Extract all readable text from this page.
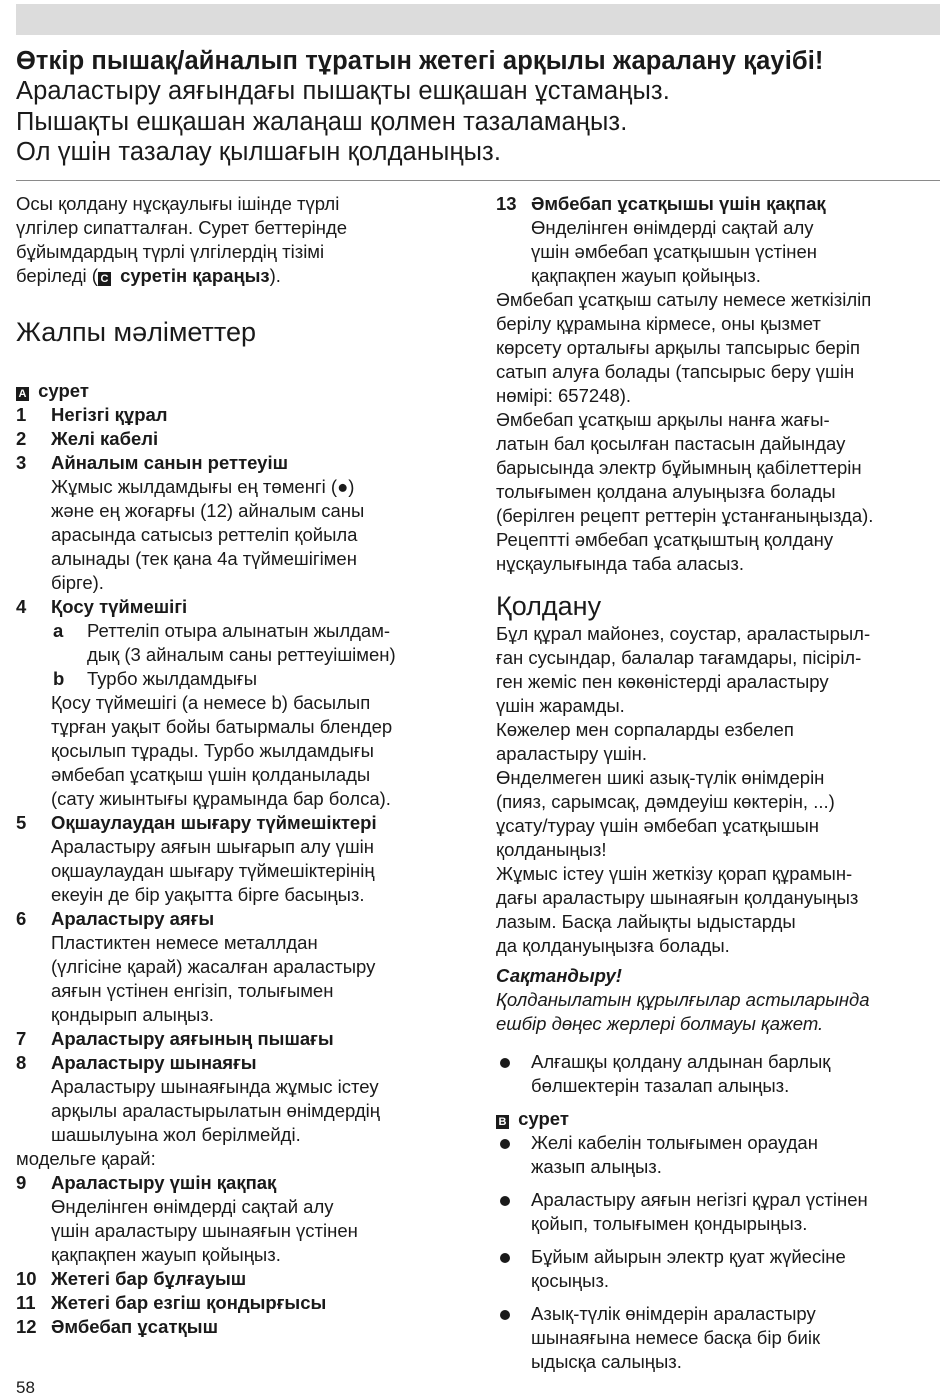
Өткір пышақ/айналып тұратын жетегі арқылы жаралану қауібі!
Араластыру аяғындағы пышақты ешқашан ұстамаңыз.
Пышақты ешқашан жалаңаш қолмен тазаламаңыз.
Ол үшін тазалау қылшағын қолданыңыз.

Осы қолдану нұсқаулығы ішінде түрлі

үлгілер сипатталған. Сурет беттерінде

бұйымдардың түрлі үлгілердің тізімі

беріледі ( C суретін қараңыз).

Жалпы мәліметтер

A сурет

1 Негізгі құрал

2 Желі кабелі

3 Айналым санын реттеуіш

Жұмыс жылдамдығы ең төменгі (●)

және ең жоғарғы (12) айналым саны

арасында сатысыз реттеліп қойыла

алынады (тек қана 4a түймешігімен

бірге).

4 Қосу түймешігі

a Реттеліп отыра алынатын жылдам-

дық (3 айналым саны реттеуішімен)

b Турбо жылдамдығы

Қосу түймешігі (a немесе b) басылып

тұрған уақыт бойы батырмалы блендер

қосылып тұрады. Турбо жылдамдығы

әмбебап ұсатқыш үшін қолданылады

(сату жиынтығы құрамында бар болса).

5 Оқшаулаудан шығару түймешіктері

Араластыру аяғын шығарып алу үшін

оқшаулаудан шығару түймешіктерінің

екеуін де бір уақытта бірге басыңыз.

6 Араластыру аяғы

Пластиктен немесе металлдан

(үлгісіне қарай) жасалған араластыру

аяғын үстінен енгізіп, толығымен

қондырып алыңыз.

7 Араластыру аяғының пышағы

8 Араластыру шынаяғы

Араластыру шынаяғында жұмыс істеу

арқылы араластырылатын өнімдердің

шашылуына жол берілмейді.

модельге қарай:

9 Араластыру үшін қақпақ

Өнделінген өнімдерді сақтай алу

үшін араластыру шынаяғын үстінен

қақпақпен жауып қойыңыз.

10 Жетегі бар бұлғауыш

11 Жетегі бар езгіш қондырғысы

12 Әмбебап ұсатқыш

13 Әмбебап ұсатқышы үшін қақпақ

Өнделінген өнімдерді сақтай алу

үшін әмбебап ұсатқышын үстінен

қақпақпен жауып қойыңыз.

Әмбебап ұсатқыш сатылу немесе жеткізіліп

берілу құрамына кірмесе, оны қызмет

көрсету орталығы арқылы тапсырыс беріп

сатып алуға болады (тапсырыс беру үшін

нөмірі: 657248).

Әмбебап ұсатқыш арқылы нанға жағы-

латын бал қосылған пастасын дайындау

барысында электр бұйымның қабілеттерін

толығымен қолдана алуыңызға болады

(берілген рецепт реттерін ұстанғаныңызда).

Рецептті әмбебап ұсатқыштың қолдану

нұсқаулығында таба аласыз.

Қолдану

Бұл құрал майонез, соустар, араластырыл-

ған сусындар, балалар тағамдары, пісіріл-

ген жеміс пен көкөністерді араластыру

үшін жарамды.

Көжелер мен сорпаларды езбелеп

араластыру үшін.

Өнделмеген шикі азық-түлік өнімдерін

(пияз, сарымсақ, дәмдеуіш көктерін, ...)

ұсату/турау үшін әмбебап ұсатқышын

қолданыңыз!

Жұмыс істеу үшін жеткізу қорап құрамын-

дағы араластыру шынаяғын қолдануыңыз

лазым. Басқа лайықты ыдыстарды

да қолдануыңызға болады.

Сақтандыру!

Қолданылатын құрылғылар астыларында

ешбір дөңес жерлері болмауы қажет.

Алғашқы қолдану алдынан барлық

бөлшектерін тазалап алыңыз.

B сурет

Желі кабелін толығымен ораудан

жазып алыңыз.

Араластыру аяғын негізгі құрал үстінен

қойып, толығымен қондырыңыз.

Бұйым айырын электр қуат жүйесіне

қосыңыз.

Азық-түлік өнімдерін араластыру

шынаяғына немесе басқа бір биік

ыдысқа салыңыз.

58
